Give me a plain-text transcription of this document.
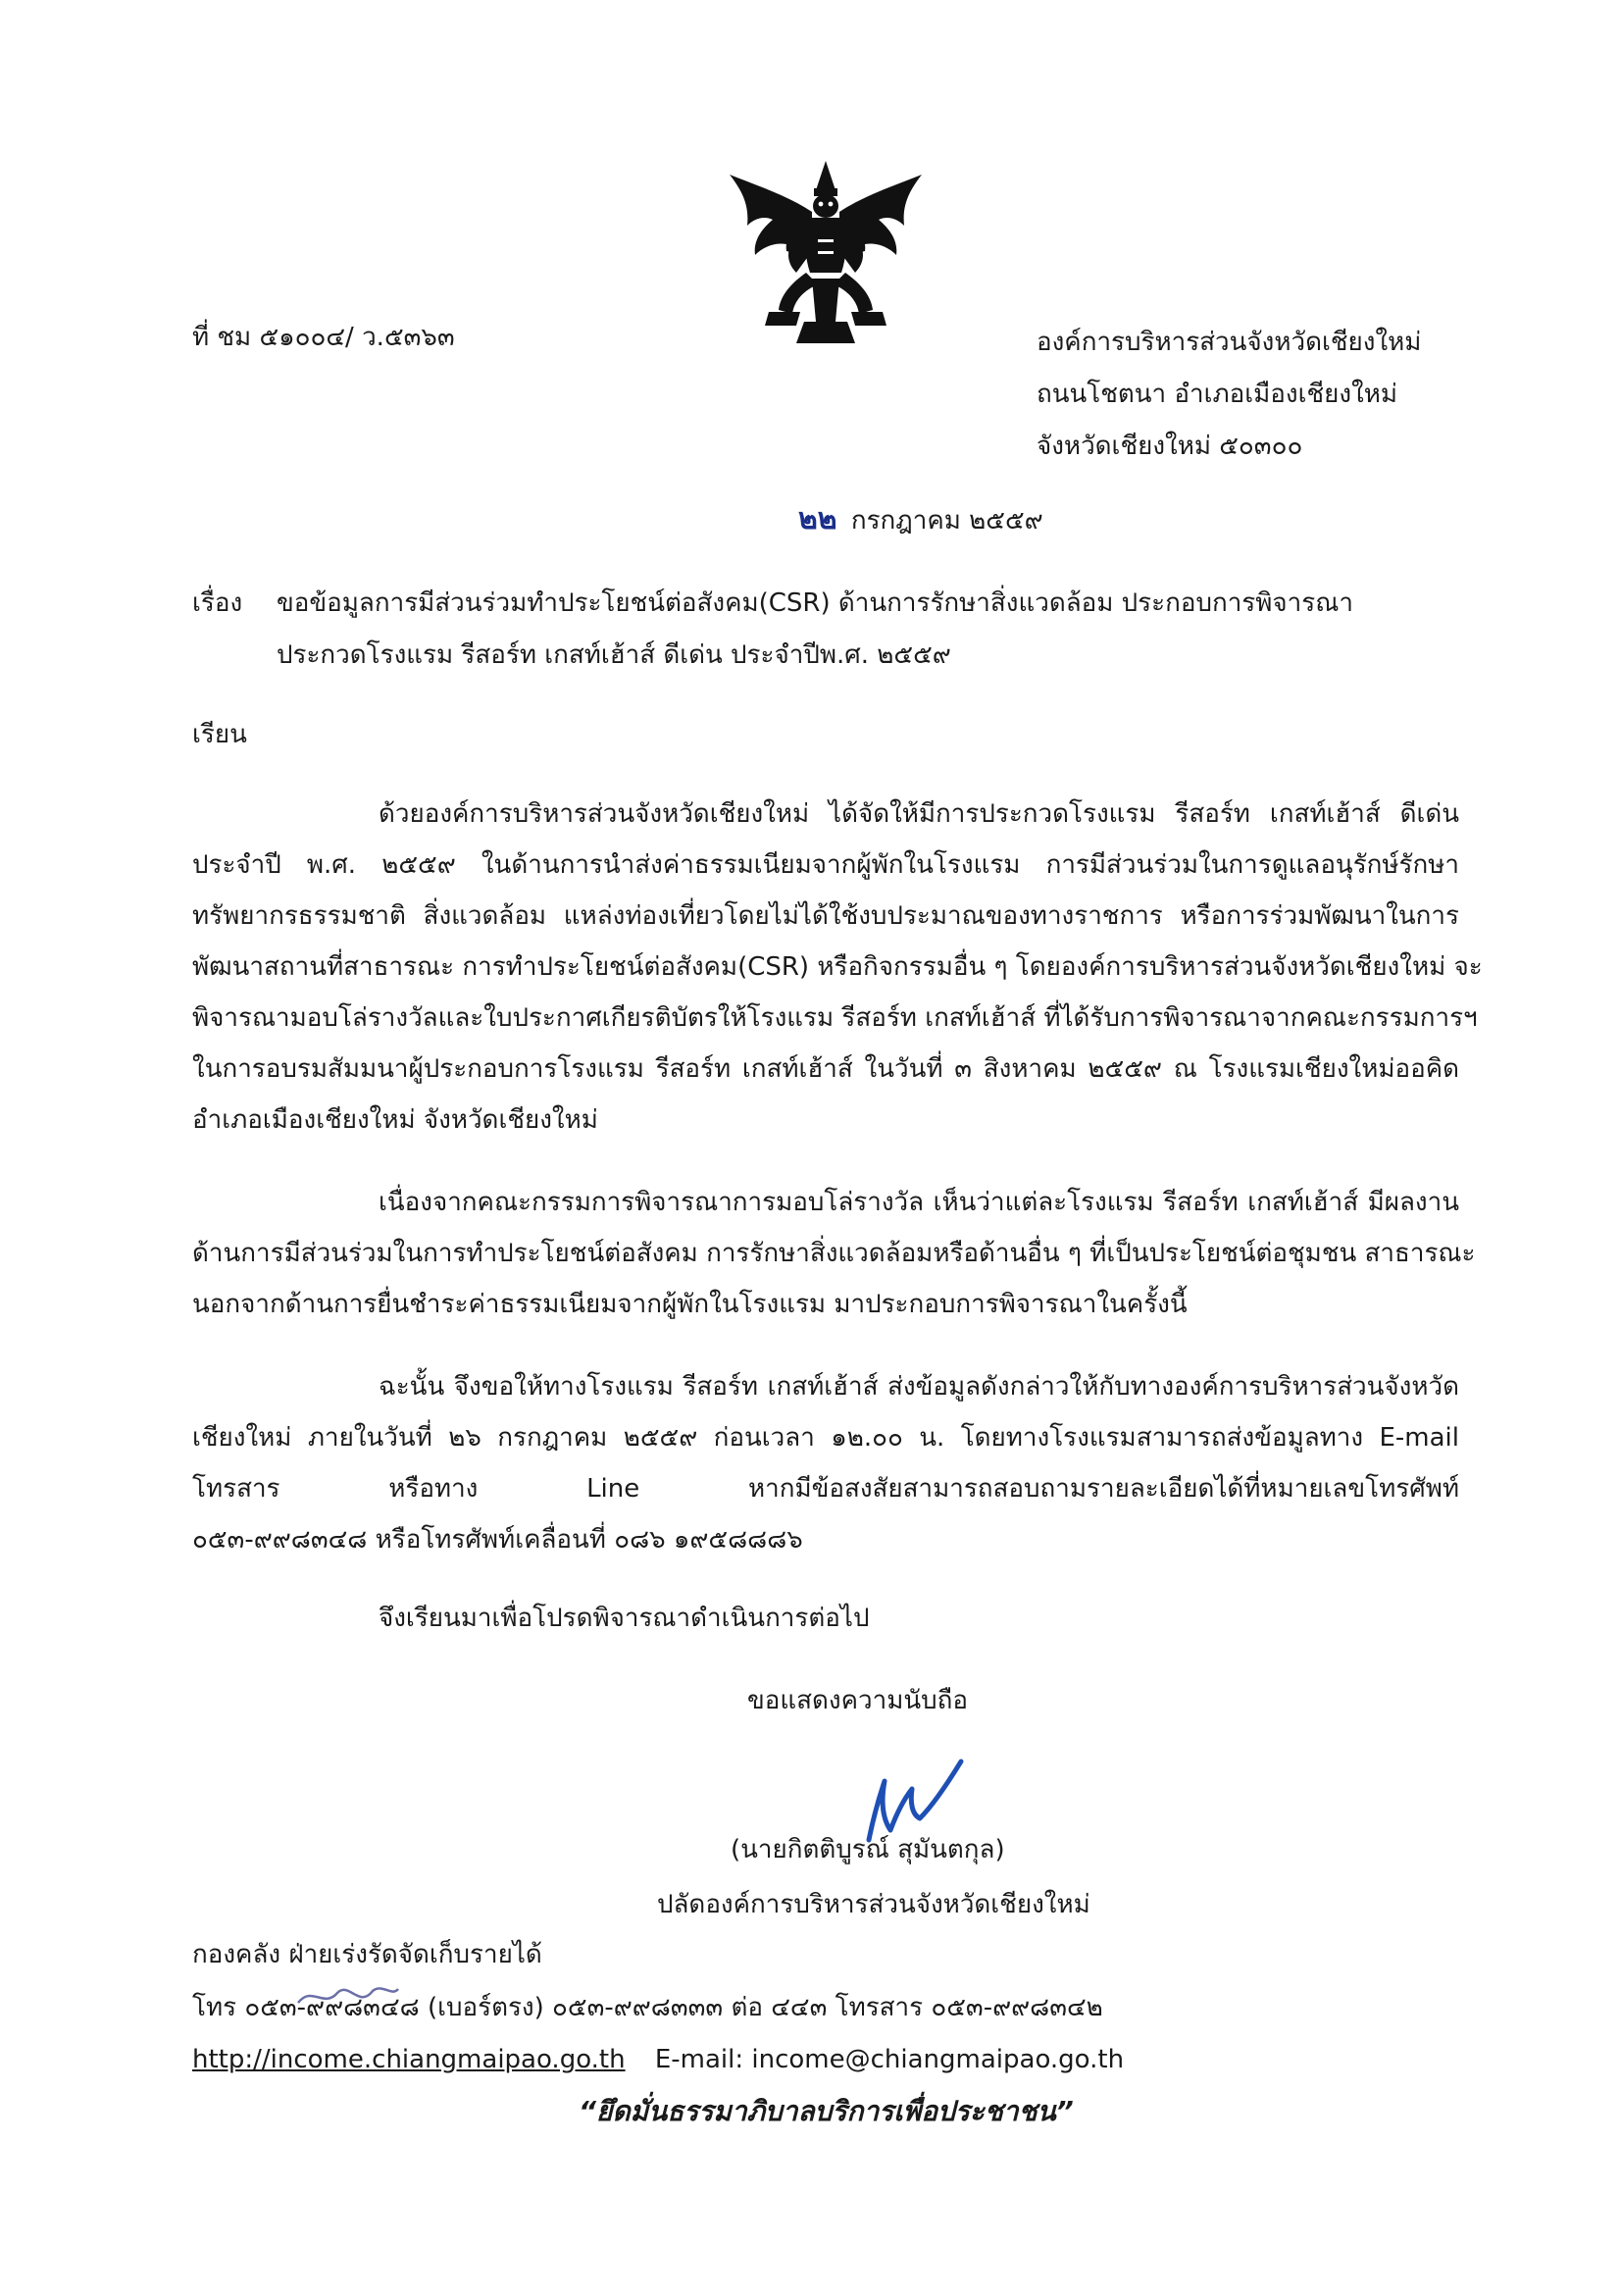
ที่ ชม ๕๑๐๐๔/ ว.๕๓๖๓	องค์การบริหารส่วนจังหวัดเชียงใหม่
ถนนโชตนา อำเภอเมืองเชียงใหม่
จังหวัดเชียงใหม่ ๕๐๓๐๐
๒๒ กรกฎาคม ๒๕๕๙
เรื่อง ขอข้อมูลการมีส่วนร่วมทำประโยชน์ต่อสังคม(CSR) ด้านการรักษาสิ่งแวดล้อม ประกอบการพิจารณา
ประกวดโรงแรม รีสอร์ท เกสท์เฮ้าส์ ดีเด่น ประจำปีพ.ศ. ๒๕๕๙
เรียน
ด้วยองค์การบริหารส่วนจังหวัดเชียงใหม่ ได้จัดให้มีการประกวดโรงแรม รีสอร์ท เกสท์เฮ้าส์ ดีเด่น
ประจำปี พ.ศ. ๒๕๕๙ ในด้านการนำส่งค่าธรรมเนียมจากผู้พักในโรงแรม การมีส่วนร่วมในการดูแลอนุรักษ์รักษา
ทรัพยากรธรรมชาติ สิ่งแวดล้อม แหล่งท่องเที่ยวโดยไม่ได้ใช้งบประมาณของทางราชการ หรือการร่วมพัฒนาในการ
พัฒนาสถานที่สาธารณะ การทำประโยชน์ต่อสังคม(CSR) หรือกิจกรรมอื่น ๆ โดยองค์การบริหารส่วนจังหวัดเชียงใหม่ จะ
พิจารณามอบโล่รางวัลและใบประกาศเกียรติบัตรให้โรงแรม รีสอร์ท เกสท์เฮ้าส์ ที่ได้รับการพิจารณาจากคณะกรรมการฯ
ในการอบรมสัมมนาผู้ประกอบการโรงแรม รีสอร์ท เกสท์เฮ้าส์ ในวันที่ ๓ สิงหาคม ๒๕๕๙ ณ โรงแรมเชียงใหม่ออคิด
อำเภอเมืองเชียงใหม่ จังหวัดเชียงใหม่
เนื่องจากคณะกรรมการพิจารณาการมอบโล่รางวัล เห็นว่าแต่ละโรงแรม รีสอร์ท เกสท์เฮ้าส์ มีผลงาน
ด้านการมีส่วนร่วมในการทำประโยชน์ต่อสังคม การรักษาสิ่งแวดล้อมหรือด้านอื่น ๆ ที่เป็นประโยชน์ต่อชุมชน สาธารณะ
นอกจากด้านการยื่นชำระค่าธรรมเนียมจากผู้พักในโรงแรม มาประกอบการพิจารณาในครั้งนี้
ฉะนั้น จึงขอให้ทางโรงแรม รีสอร์ท เกสท์เฮ้าส์ ส่งข้อมูลดังกล่าวให้กับทางองค์การบริหารส่วนจังหวัด
เชียงใหม่ ภายในวันที่ ๒๖ กรกฎาคม ๒๕๕๙ ก่อนเวลา ๑๒.๐๐ น. โดยทางโรงแรมสามารถส่งข้อมูลทาง E-mail
โทรสาร หรือทาง Line หากมีข้อสงสัยสามารถสอบถามรายละเอียดได้ที่หมายเลขโทรศัพท์
๐๕๓-๙๙๘๓๔๘ หรือโทรศัพท์เคลื่อนที่ ๐๘๖ ๑๙๕๘๘๘๖
จึงเรียนมาเพื่อโปรดพิจารณาดำเนินการต่อไป
ขอแสดงความนับถือ
(นายกิตติบูรณ์ สุมันตกุล)
ปลัดองค์การบริหารส่วนจังหวัดเชียงใหม่
กองคลัง ฝ่ายเร่งรัดจัดเก็บรายได้
โทร ๐๕๓-๙๙๘๓๔๘ (เบอร์ตรง) ๐๕๓-๙๙๘๓๓๓ ต่อ ๔๔๓ โทรสาร ๐๕๓-๙๙๘๓๔๒
http://income.chiangmaipao.go.th E-mail: income@chiangmaipao.go.th
“ยึดมั่นธรรมาภิบาลบริการเพื่อประชาชน”
